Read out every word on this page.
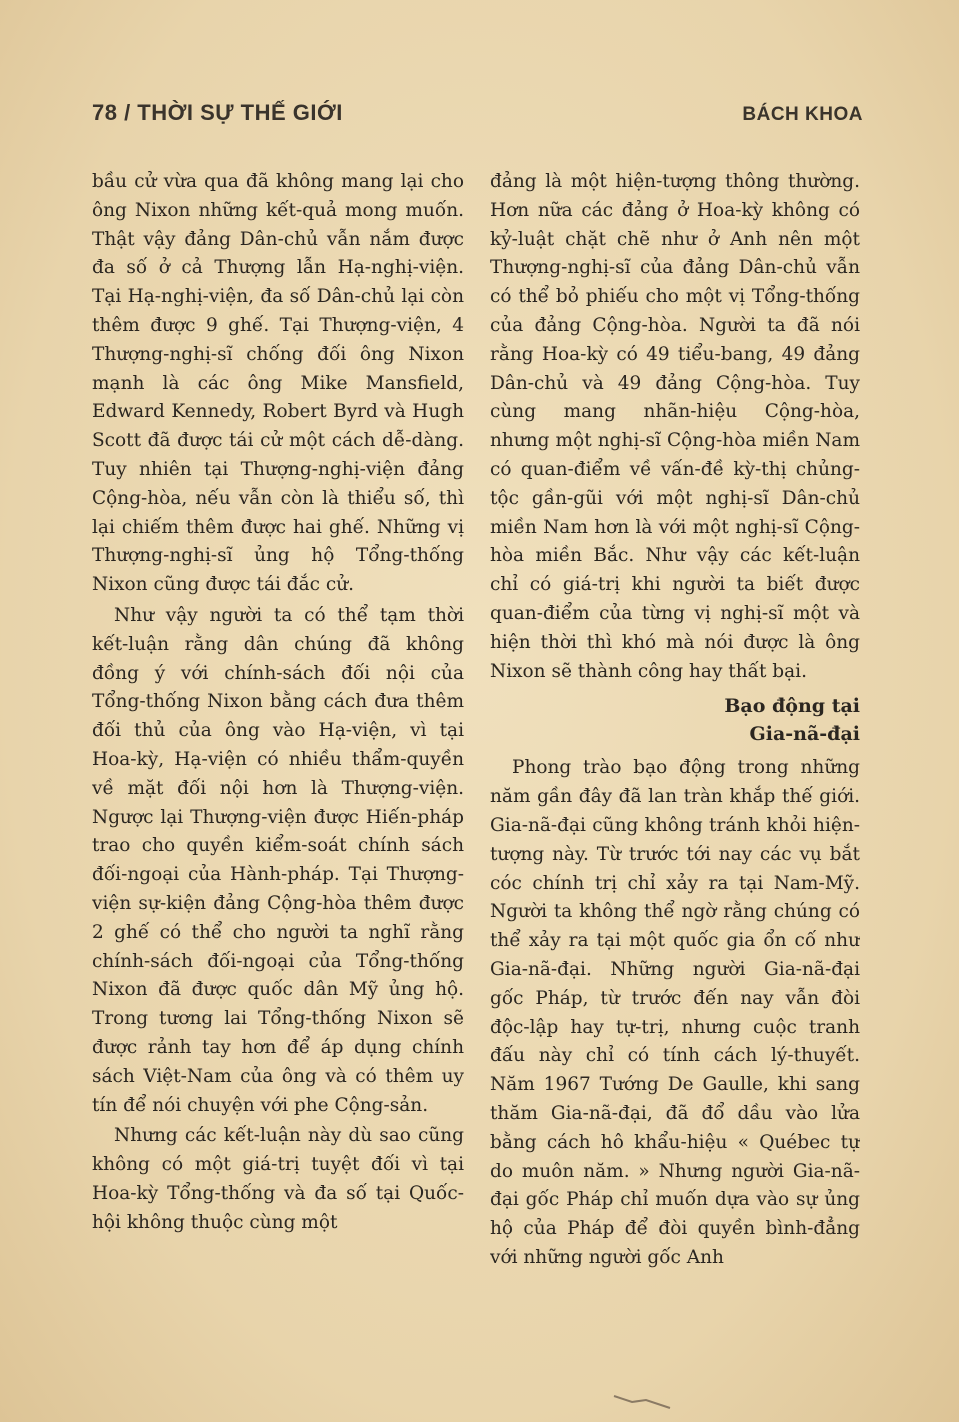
78 / THỜI SỰ THẾ GIỚI	BÁCH KHOA

bầu cử vừa qua đã không mang lại cho ông Nixon những kết-quả mong muốn. Thật vậy đảng Dân-chủ vẫn nắm được đa số ở cả Thượng lẫn Hạ-nghị-viện. Tại Hạ-nghị-viện, đa số Dân-chủ lại còn thêm được 9 ghế. Tại Thượng-viện, 4 Thượng-nghị-sĩ chống đối ông Nixon mạnh là các ông Mike Mansfield, Edward Kennedy, Robert Byrd và Hugh Scott đã được tái cử một cách dễ-dàng. Tuy nhiên tại Thượng-nghị-viện đảng Cộng-hòa, nếu vẫn còn là thiểu số, thì lại chiếm thêm được hai ghế. Những vị Thượng-nghị-sĩ ủng hộ Tổng-thống Nixon cũng được tái đắc cử.

Như vậy người ta có thể tạm thời kết-luận rằng dân chúng đã không đồng ý với chính-sách đối nội của Tổng-thống Nixon bằng cách đưa thêm đối thủ của ông vào Hạ-viện, vì tại Hoa-kỳ, Hạ-viện có nhiều thẩm-quyền về mặt đối nội hơn là Thượng-viện. Ngược lại Thượng-viện được Hiến-pháp trao cho quyền kiểm-soát chính sách đối-ngoại của Hành-pháp. Tại Thượng-viện sự-kiện đảng Cộng-hòa thêm được 2 ghế có thể cho người ta nghĩ rằng chính-sách đối-ngoại của Tổng-thống Nixon đã được quốc dân Mỹ ủng hộ. Trong tương lai Tổng-thống Nixon sẽ được rảnh tay hơn để áp dụng chính sách Việt-Nam của ông và có thêm uy tín để nói chuyện với phe Cộng-sản.

Nhưng các kết-luận này dù sao cũng không có một giá-trị tuyệt đối vì tại Hoa-kỳ Tổng-thống và đa số tại Quốc-hội không thuộc cùng một

đảng là một hiện-tượng thông thường. Hơn nữa các đảng ở Hoa-kỳ không có kỷ-luật chặt chẽ như ở Anh nên một Thượng-nghị-sĩ của đảng Dân-chủ vẫn có thể bỏ phiếu cho một vị Tổng-thống của đảng Cộng-hòa. Người ta đã nói rằng Hoa-kỳ có 49 tiểu-bang, 49 đảng Dân-chủ và 49 đảng Cộng-hòa. Tuy cùng mang nhãn-hiệu Cộng-hòa, nhưng một nghị-sĩ Cộng-hòa miền Nam có quan-điểm về vấn-đề kỳ-thị chủng-tộc gần-gũi với một nghị-sĩ Dân-chủ miền Nam hơn là với một nghị-sĩ Cộng-hòa miền Bắc. Như vậy các kết-luận chỉ có giá-trị khi người ta biết được quan-điểm của từng vị nghị-sĩ một và hiện thời thì khó mà nói được là ông Nixon sẽ thành công hay thất bại.

Bạo động tại
Gia-nã-đại

Phong trào bạo động trong những năm gần đây đã lan tràn khắp thế giới. Gia-nã-đại cũng không tránh khỏi hiện-tượng này. Từ trước tới nay các vụ bắt cóc chính trị chỉ xảy ra tại Nam-Mỹ. Người ta không thể ngờ rằng chúng có thể xảy ra tại một quốc gia ổn cố như Gia-nã-đại. Những người Gia-nã-đại gốc Pháp, từ trước đến nay vẫn đòi độc-lập hay tự-trị, nhưng cuộc tranh đấu này chỉ có tính cách lý-thuyết. Năm 1967 Tướng De Gaulle, khi sang thăm Gia-nã-đại, đã đổ dầu vào lửa bằng cách hô khẩu-hiệu « Québec tự do muôn năm. » Nhưng người Gia-nã-đại gốc Pháp chỉ muốn dựa vào sự ủng hộ của Pháp để đòi quyền bình-đẳng với những người gốc Anh
